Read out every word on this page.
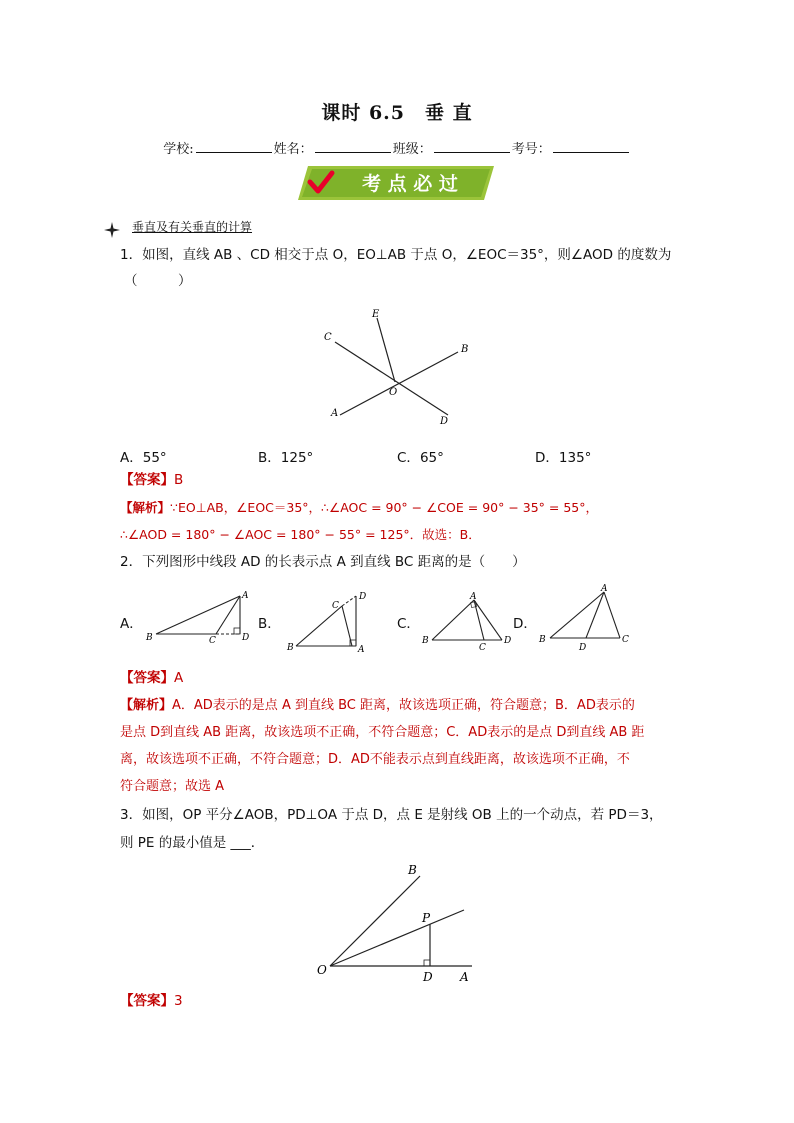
课时 6.5　垂 直
学校:	姓名：	班级：	考号：
考 点 必 过
垂直及有关垂直的计算
1．如图，直线 AB 、CD 相交于点 O，EO⊥AB 于点 O，∠EOC＝35°，则∠AOD 的度数为
（　　　）
E
C
B
O
A
D
A．55°	B．125°	C．65°	D．135°
【答案】B
【解析】∵EO⊥AB，∠EOC＝35°，∴∠AOC = 90° − ∠COE = 90° − 35° = 55°，
∴∠AOD = 180° − ∠AOC = 180° − 55° = 125°．故选：B．
2．下列图形中线段 AD 的长表示点 A 到直线 BC 距离的是（　　）
A．
B	C
A
D
B．
B
C
D
A
C．
B
A
C
D
D．
B
A
D
C
【答案】A
【解析】A．AD表示的是点 A 到直线 BC 距离，故该选项正确，符合题意；B．AD表示的
是点 D到直线 AB 距离，故该选项不正确，不符合题意；C．AD表示的是点 D到直线 AB 距
离，故该选项不正确，不符合题意；D．AD不能表示点到直线距离，故该选项不正确，不
符合题意；故选 A
3．如图，OP 平分∠AOB，PD⊥OA 于点 D，点 E 是射线 OB 上的一个动点，若 PD＝3，
则 PE 的最小值是 ___．
B
P
O	D A
【答案】3
